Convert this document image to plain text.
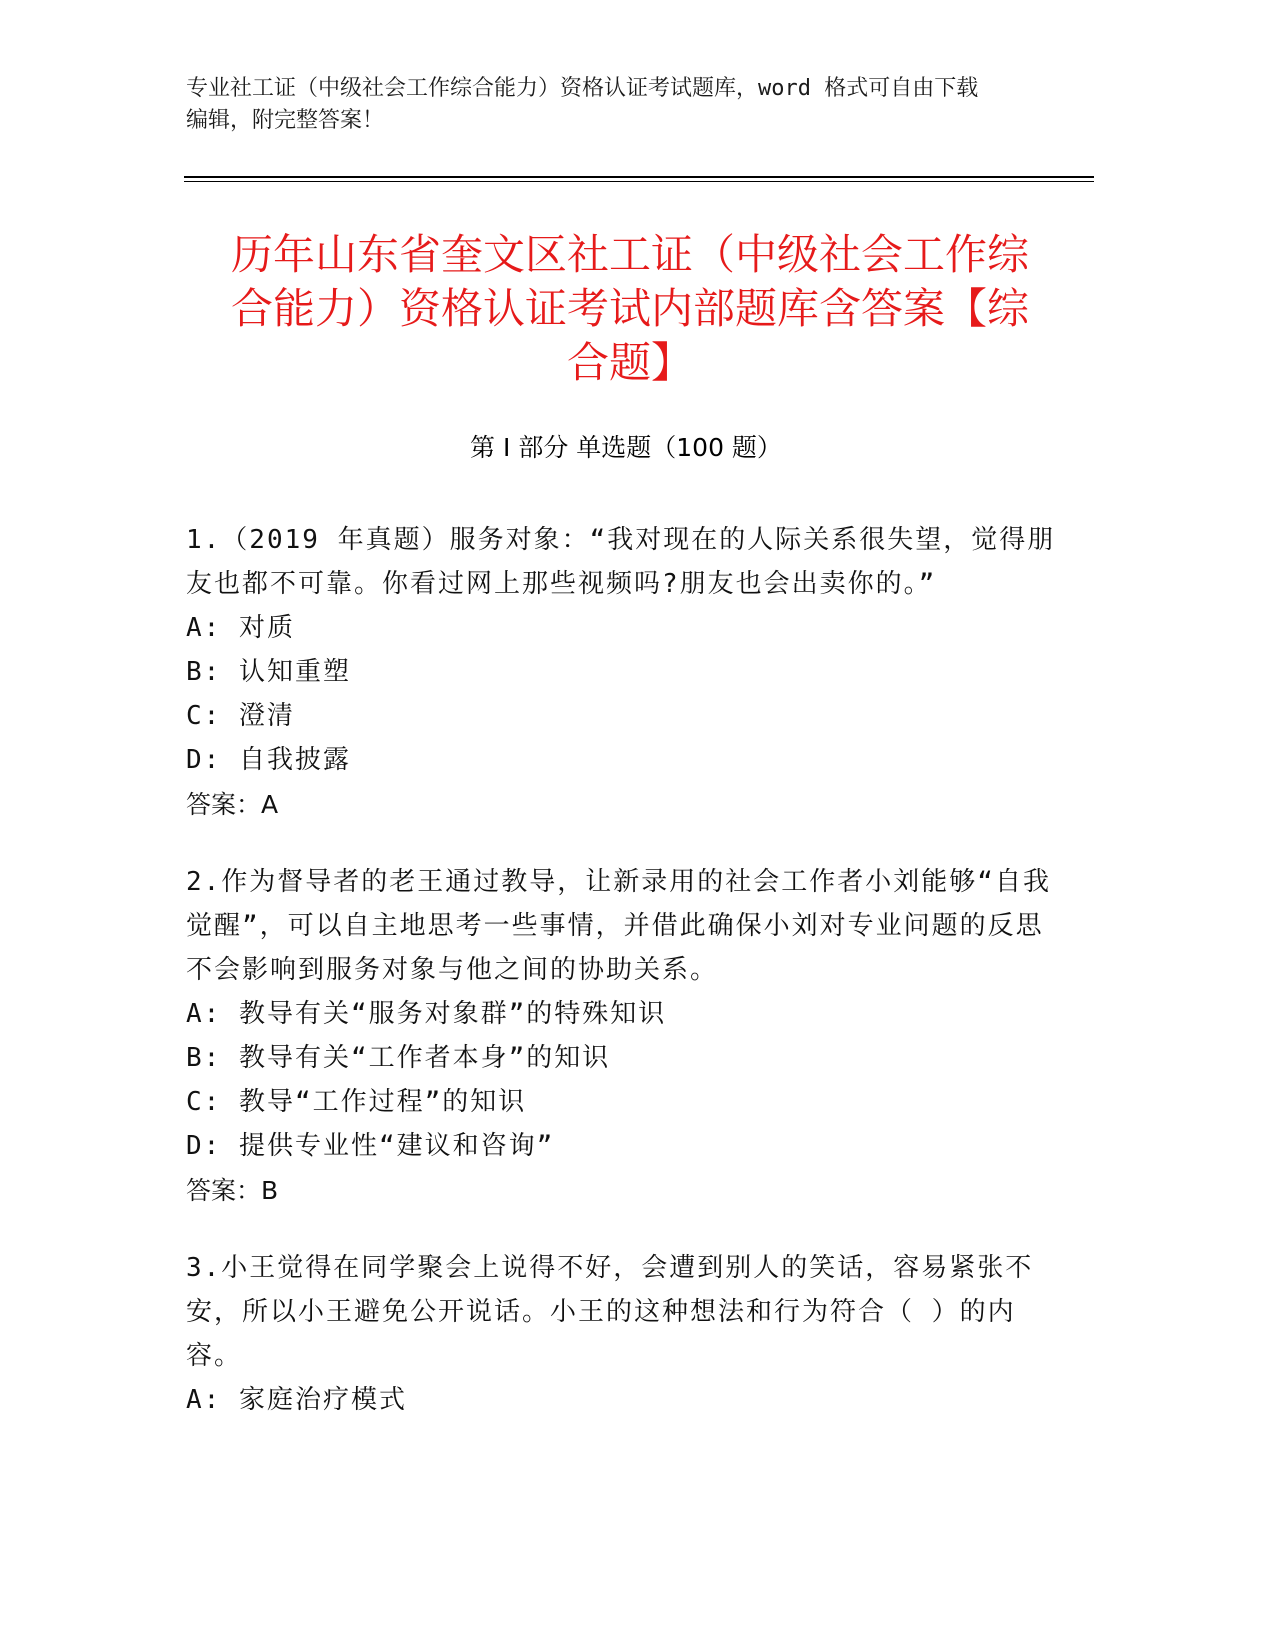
专业社工证（中级社会工作综合能力）资格认证考试题库，word 格式可自由下载
编辑，附完整答案！
历年山东省奎文区社工证（中级社会工作综
合能力）资格认证考试内部题库含答案【综
合题】
第 I 部分 单选题（100 题）
1.（2019 年真题）服务对象：“我对现在的人际关系很失望，觉得朋友也都不可靠。你看过网上那些视频吗?朋友也会出卖你的。”
A: 对质
B: 认知重塑
C: 澄清
D: 自我披露
答案：A
2.作为督导者的老王通过教导，让新录用的社会工作者小刘能够“自我觉醒”，可以自主地思考一些事情，并借此确保小刘对专业问题的反思不会影响到服务对象与他之间的协助关系。
A: 教导有关“服务对象群”的特殊知识
B: 教导有关“工作者本身”的知识
C: 教导“工作过程”的知识
D: 提供专业性“建议和咨询”
答案：B
3.小王觉得在同学聚会上说得不好，会遭到别人的笑话，容易紧张不安，所以小王避免公开说话。小王的这种想法和行为符合（ ）的内容。
A: 家庭治疗模式
